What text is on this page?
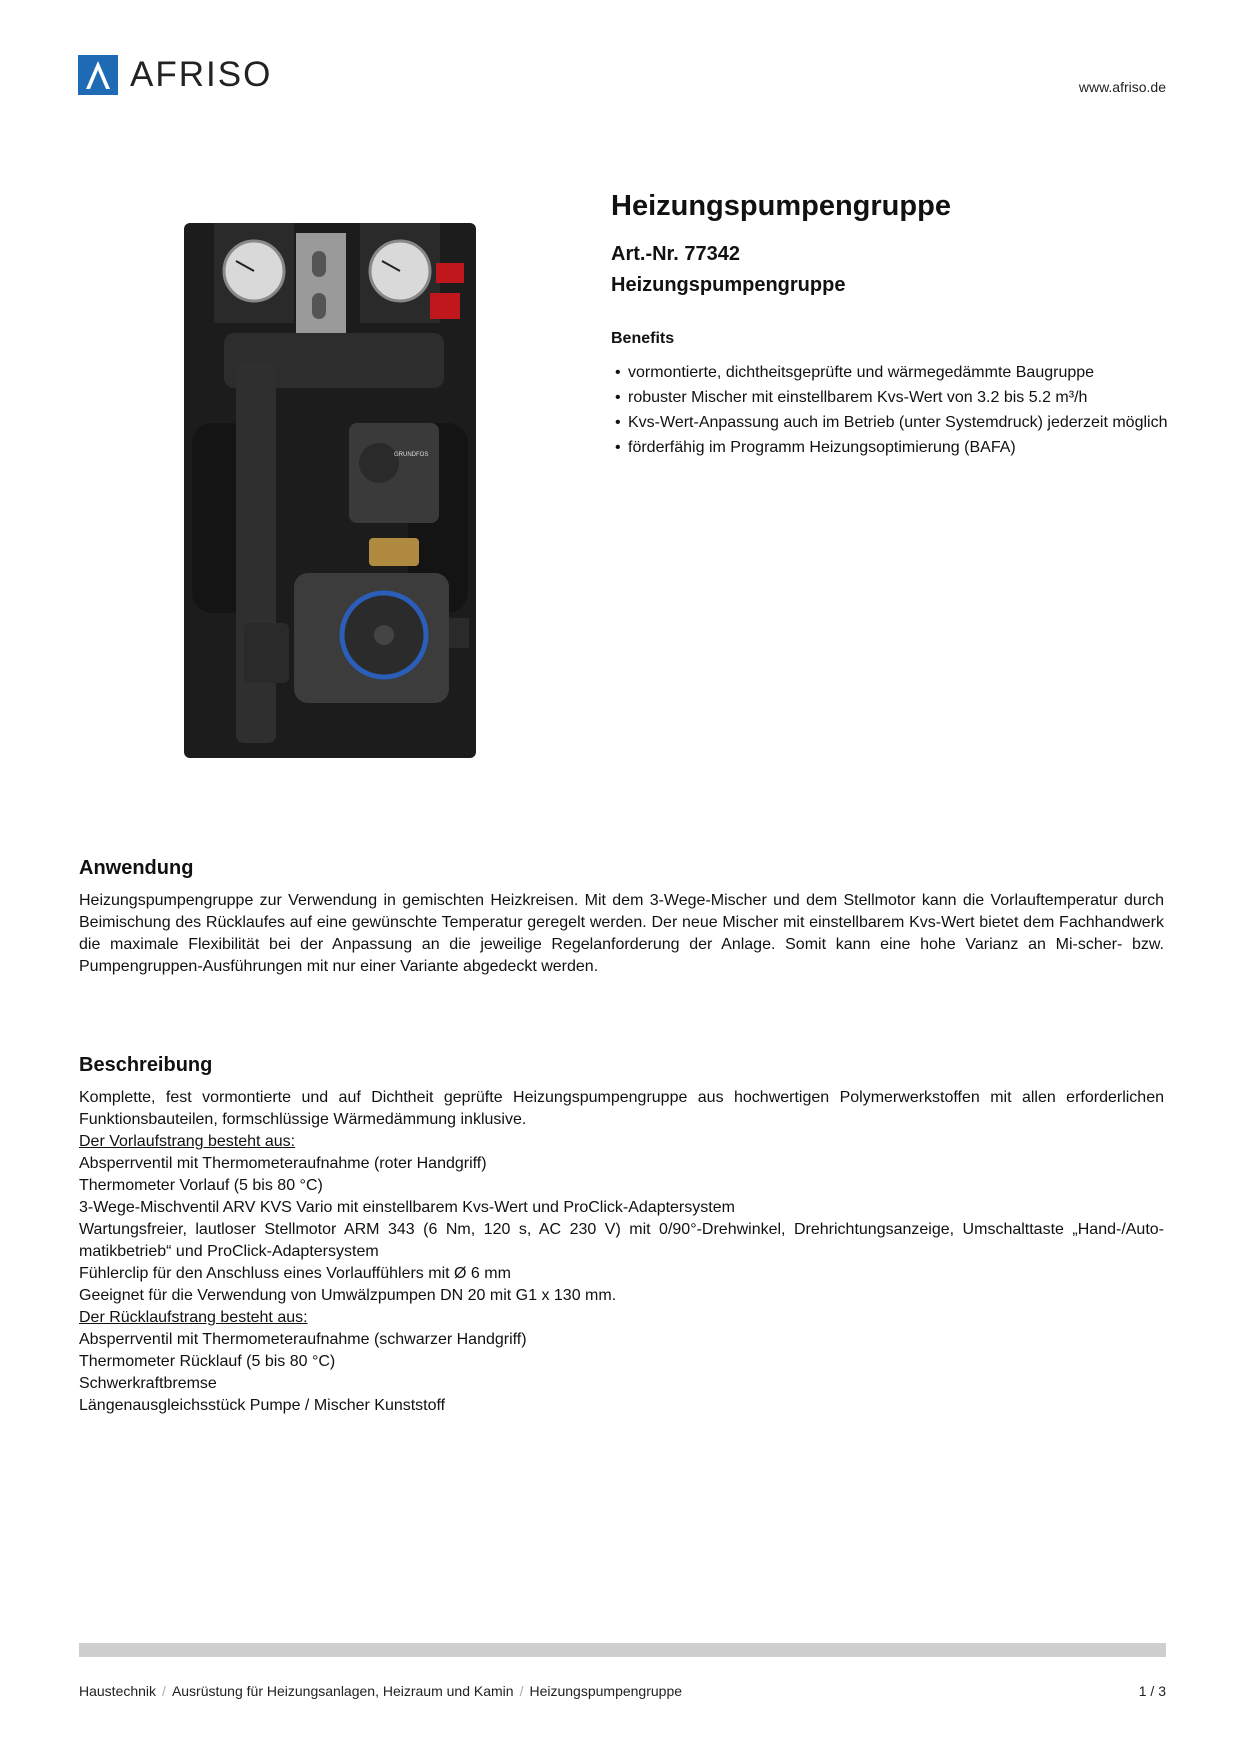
AFRISO	www.afriso.de
GRUNDFOS
Heizungspumpengruppe
Art.-Nr. 77342
Heizungspumpengruppe
Benefits
• vormontierte, dichtheitsgeprüfte und wärmegedämmte Baugruppe
• robuster Mischer mit einstellbarem Kvs-Wert von 3.2 bis 5.2 m³/h
• Kvs-Wert-Anpassung auch im Betrieb (unter Systemdruck) jederzeit möglich
• förderfähig im Programm Heizungsoptimierung (BAFA)
Anwendung

Heizungspumpengruppe zur Verwendung in gemischten Heizkreisen. Mit dem 3-Wege-Mischer und dem Stellmotor kann die Vorlauftemperatur durch Beimischung des Rücklaufes auf eine gewünschte Temperatur geregelt werden. Der neue Mischer mit einstellbarem Kvs-Wert bietet dem Fachhandwerk die maximale Flexibilität bei der Anpassung an die jeweilige Regelanforderung der Anlage. Somit kann eine hohe Varianz an Mi-scher- bzw. Pumpengruppen-Ausführungen mit nur einer Variante abgedeckt werden.

Beschreibung

Komplette, fest vormontierte und auf Dichtheit geprüfte Heizungspumpengruppe aus hochwertigen Polymerwerkstoffen mit allen erforderlichen Funktionsbauteilen, formschlüssige Wärmedämmung inklusive.

Der Vorlaufstrang besteht aus:

Absperrventil mit Thermometeraufnahme (roter Handgriff)

Thermometer Vorlauf (5 bis 80 °C)

3-Wege-Mischventil ARV KVS Vario mit einstellbarem Kvs-Wert und ProClick-Adaptersystem

Wartungsfreier, lautloser Stellmotor ARM 343 (6 Nm, 120 s, AC 230 V) mit 0/90°-Drehwinkel, Drehrichtungsanzeige, Umschalttaste „Hand-/Auto-matikbetrieb“ und ProClick-Adaptersystem

Fühlerclip für den Anschluss eines Vorlauffühlers mit Ø 6 mm

Geeignet für die Verwendung von Umwälzpumpen DN 20 mit G1 x 130 mm.

Der Rücklaufstrang besteht aus:

Absperrventil mit Thermometeraufnahme (schwarzer Handgriff)

Thermometer Rücklauf (5 bis 80 °C)

Schwerkraftbremse

Längenausgleichsstück Pumpe / Mischer Kunststoff

Haustechnik / Ausrüstung für Heizungsanlagen, Heizraum und Kamin / Heizungspumpengruppe	1 / 3
